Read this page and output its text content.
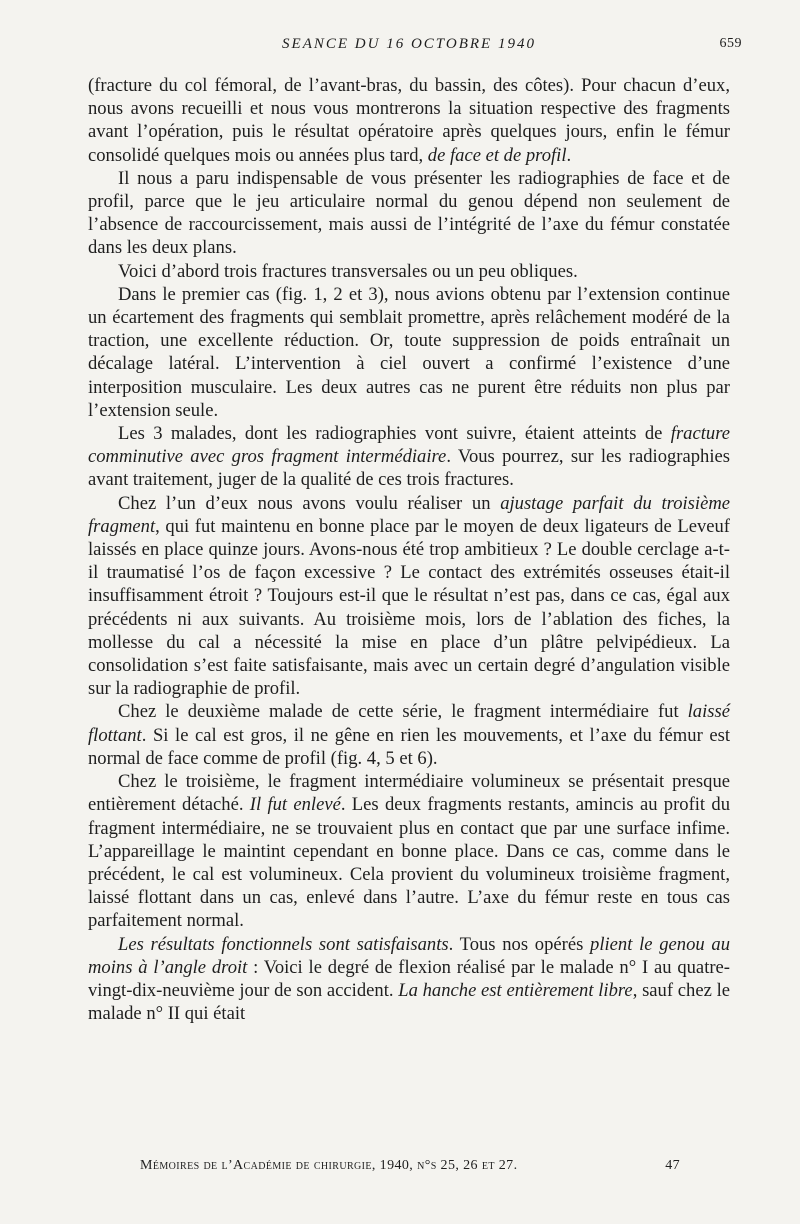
SEANCE DU 16 OCTOBRE 1940	659

(fracture du col fémoral, de l’avant-bras, du bassin, des côtes). Pour chacun d’eux, nous avons recueilli et nous vous montrerons la situation respective des fragments avant l’opération, puis le résultat opératoire après quelques jours, enfin le fémur consolidé quelques mois ou années plus tard, de face et de profil.

Il nous a paru indispensable de vous présenter les radiographies de face et de profil, parce que le jeu articulaire normal du genou dépend non seulement de l’absence de raccourcissement, mais aussi de l’intégrité de l’axe du fémur constatée dans les deux plans.

Voici d’abord trois fractures transversales ou un peu obliques.

Dans le premier cas (fig. 1, 2 et 3), nous avions obtenu par l’extension continue un écartement des fragments qui semblait promettre, après relâchement modéré de la traction, une excellente réduction. Or, toute suppression de poids entraînait un décalage latéral. L’intervention à ciel ouvert a confirmé l’existence d’une interposition musculaire. Les deux autres cas ne purent être réduits non plus par l’extension seule.

Les 3 malades, dont les radiographies vont suivre, étaient atteints de fracture comminutive avec gros fragment intermédiaire. Vous pourrez, sur les radiographies avant traitement, juger de la qualité de ces trois fractures.

Chez l’un d’eux nous avons voulu réaliser un ajustage parfait du troisième fragment, qui fut maintenu en bonne place par le moyen de deux ligateurs de Leveuf laissés en place quinze jours. Avons-nous été trop ambitieux ? Le double cerclage a-t-il traumatisé l’os de façon excessive ? Le contact des extrémités osseuses était-il insuffisamment étroit ? Toujours est-il que le résultat n’est pas, dans ce cas, égal aux précédents ni aux suivants. Au troisième mois, lors de l’ablation des fiches, la mollesse du cal a nécessité la mise en place d’un plâtre pelvipédieux. La consolidation s’est faite satisfaisante, mais avec un certain degré d’angulation visible sur la radiographie de profil.

Chez le deuxième malade de cette série, le fragment intermédiaire fut laissé flottant. Si le cal est gros, il ne gêne en rien les mouvements, et l’axe du fémur est normal de face comme de profil (fig. 4, 5 et 6).

Chez le troisième, le fragment intermédiaire volumineux se présentait presque entièrement détaché. Il fut enlevé. Les deux fragments restants, amincis au profit du fragment intermédiaire, ne se trouvaient plus en contact que par une surface infime. L’appareillage le maintint cependant en bonne place. Dans ce cas, comme dans le précédent, le cal est volumineux. Cela provient du volumineux troisième fragment, laissé flottant dans un cas, enlevé dans l’autre. L’axe du fémur reste en tous cas parfaitement normal.

Les résultats fonctionnels sont satisfaisants. Tous nos opérés plient le genou au moins à l’angle droit : Voici le degré de flexion réalisé par le malade n° I au quatre-vingt-dix-neuvième jour de son accident. La hanche est entièrement libre, sauf chez le malade n° II qui était

Mémoires de l’Académie de chirurgie, 1940, n°s 25, 26 et 27.	47
